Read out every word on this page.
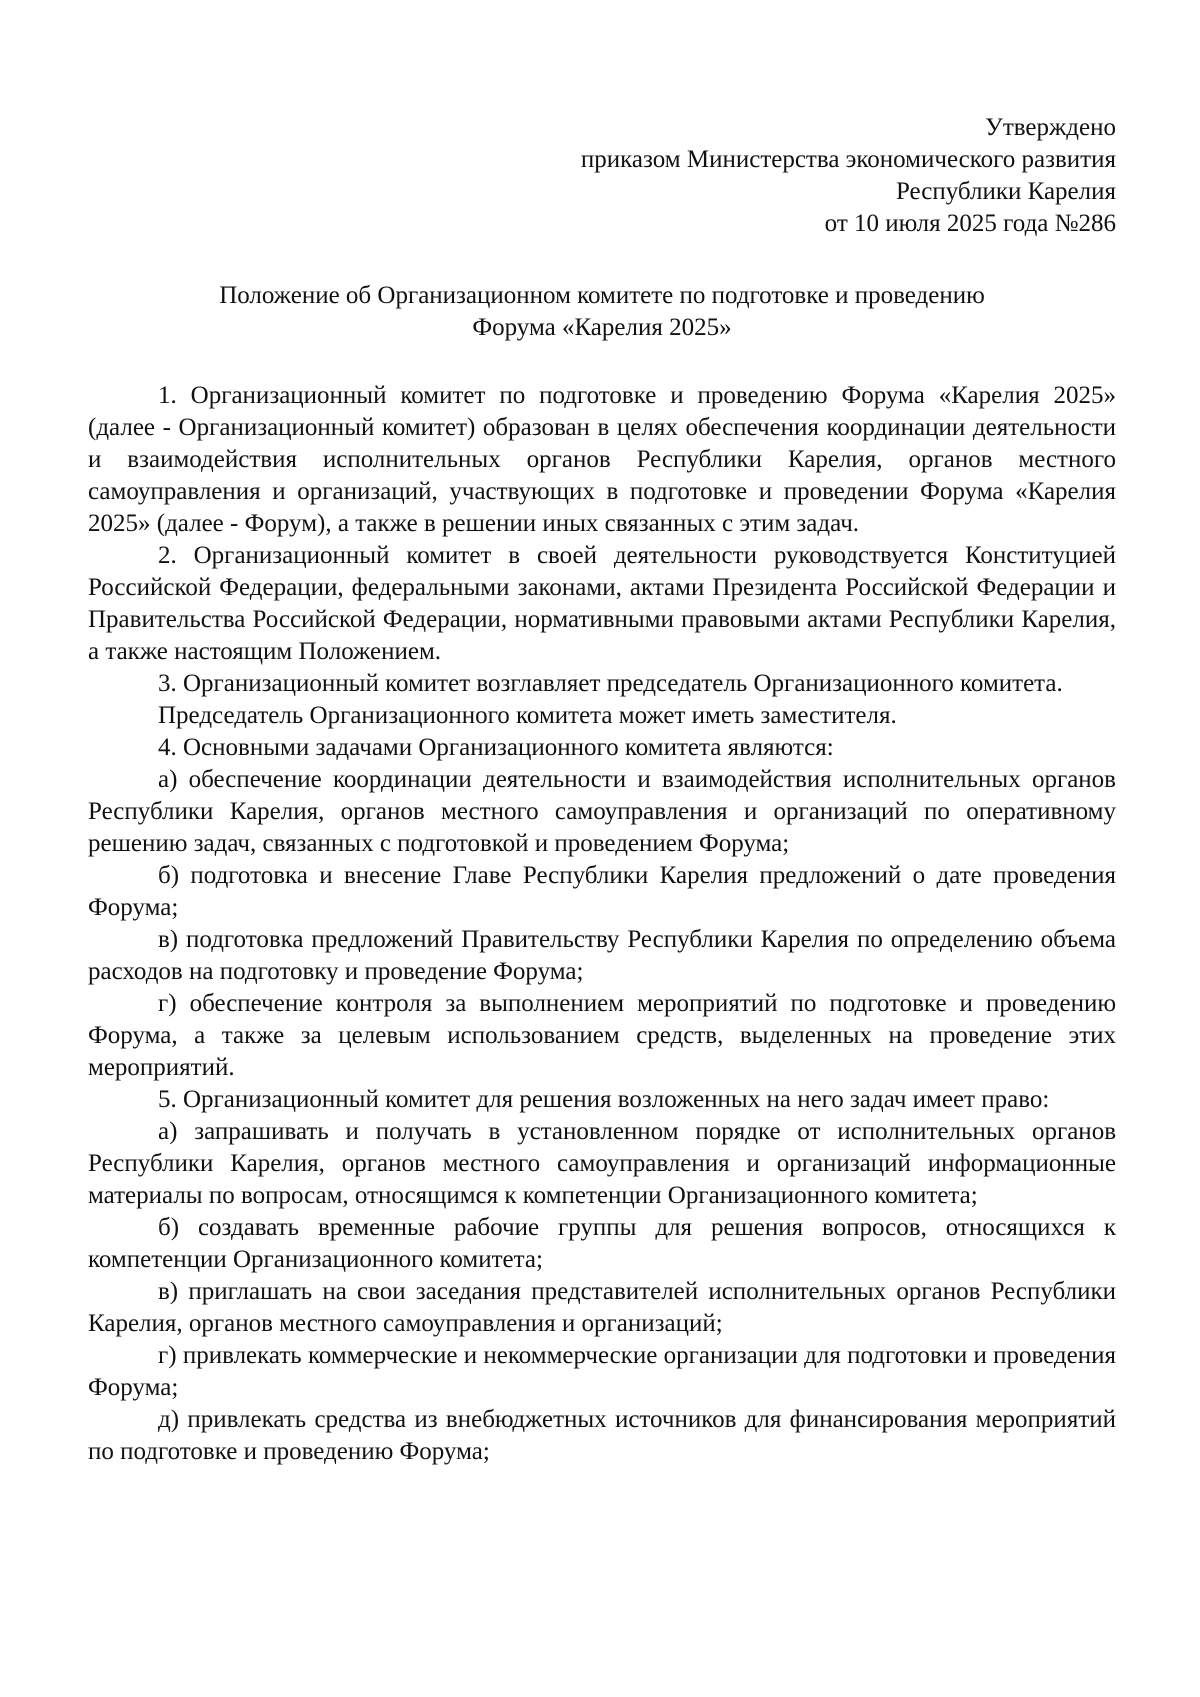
Утверждено
приказом Министерства экономического развития
Республики Карелия
от 10 июля 2025 года №286
Положение об Организационном комитете по подготовке и проведению
Форума «Карелия 2025»

1. Организационный комитет по подготовке и проведению Форума «Карелия 2025» (далее - Организационный комитет) образован в целях обеспечения координации деятельности и взаимодействия исполнительных органов Республики Карелия, органов местного самоуправления и организаций, участвующих в подготовке и проведении Форума «Карелия 2025» (далее - Форум), а также в решении иных связанных с этим задач.

2. Организационный комитет в своей деятельности руководствуется Конституцией Российской Федерации, федеральными законами, актами Президента Российской Федерации и Правительства Российской Федерации, нормативными правовыми актами Республики Карелия, а также настоящим Положением.

3. Организационный комитет возглавляет председатель Организационного комитета.

Председатель Организационного комитета может иметь заместителя.

4. Основными задачами Организационного комитета являются:

а) обеспечение координации деятельности и взаимодействия исполнительных органов Республики Карелия, органов местного самоуправления и организаций по оперативному решению задач, связанных с подготовкой и проведением Форума;

б) подготовка и внесение Главе Республики Карелия предложений о дате проведения Форума;

в) подготовка предложений Правительству Республики Карелия по определению объема расходов на подготовку и проведение Форума;

г) обеспечение контроля за выполнением мероприятий по подготовке и проведению Форума, а также за целевым использованием средств, выделенных на проведение этих мероприятий.

5. Организационный комитет для решения возложенных на него задач имеет право:

а) запрашивать и получать в установленном порядке от исполнительных органов Республики Карелия, органов местного самоуправления и организаций информационные материалы по вопросам, относящимся к компетенции Организационного комитета;

б) создавать временные рабочие группы для решения вопросов, относящихся к компетенции Организационного комитета;

в) приглашать на свои заседания представителей исполнительных органов Республики Карелия, органов местного самоуправления и организаций;

г) привлекать коммерческие и некоммерческие организации для подготовки и проведения Форума;

д) привлекать средства из внебюджетных источников для финансирования мероприятий по подготовке и проведению Форума;
